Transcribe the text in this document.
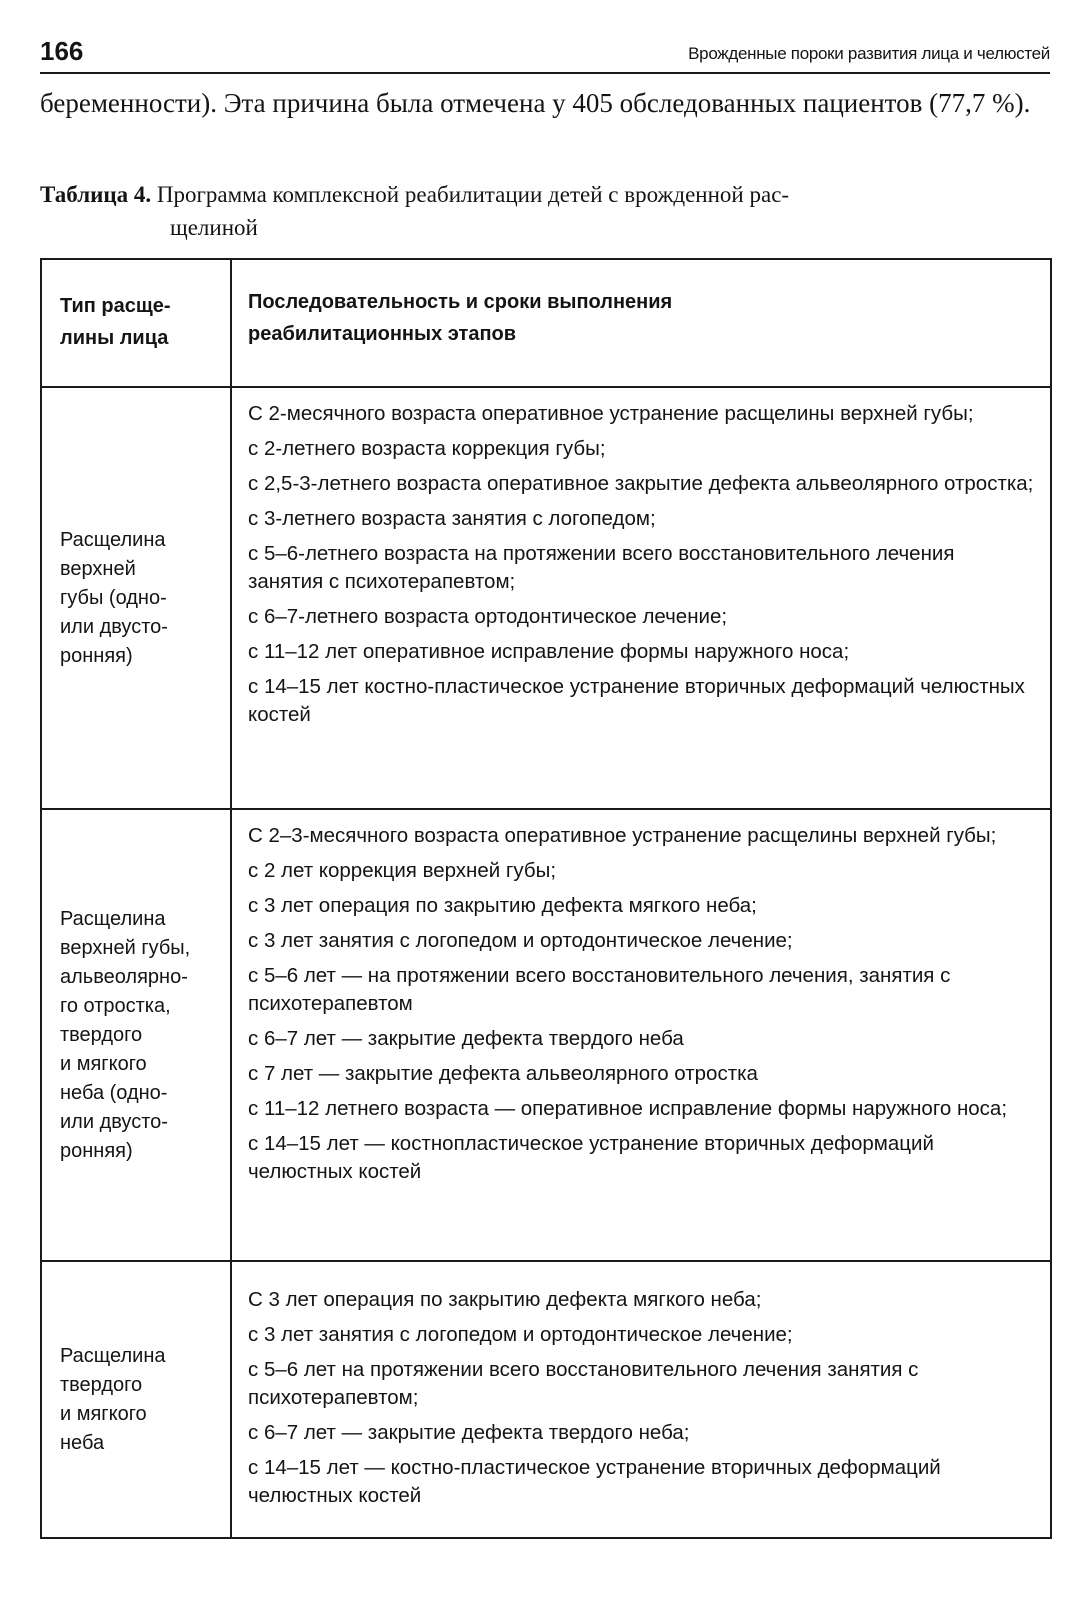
166	Врожденные пороки развития лица и челюстей

беременности). Эта причина была отмечена у 405 обследованных пациентов (77,7 %).

Таблица 4. Программа комплексной реабилитации детей с врожденной рас-
щелиной
Тип расще-
лины лица
Последовательность и сроки выполнения
реабилитационных этапов
Расщелина
верхней
губы (одно-
или двусто-
ронняя)

С 2-месячного возраста оперативное устранение расщелины верхней губы;

с 2-летнего возраста коррекция губы;

с 2,5-3-летнего возраста оперативное закрытие дефекта альвеолярного отростка;

с 3-летнего возраста занятия с логопедом;

с 5–6-летнего возраста на протяжении всего восстановительного лечения занятия с психотерапевтом;

с 6–7-летнего возраста ортодонтическое лечение;

с 11–12 лет оперативное исправление формы наружного носа;

с 14–15 лет костно-пластическое устранение вторичных деформаций челюстных костей

Расщелина
верхней губы,
альвеолярно-
го отростка,
твердого
и мягкого
неба (одно-
или двусто-
ронняя)

С 2–3-месячного возраста оперативное устранение расщелины верхней губы;

с 2 лет коррекция верхней губы;

с 3 лет операция по закрытию дефекта мягкого неба;

с 3 лет занятия с логопедом и ортодонтическое лечение;

с 5–6 лет — на протяжении всего восстановительного лечения, занятия с психотерапевтом

с 6–7 лет — закрытие дефекта твердого неба

с 7 лет — закрытие дефекта альвеолярного отростка

с 11–12 летнего возраста — оперативное исправление формы наружного носа;

с 14–15 лет — костнопластическое устранение вторичных деформаций челюстных костей

Расщелина
твердого
и мягкого
неба

С 3 лет операция по закрытию дефекта мягкого неба;

с 3 лет занятия с логопедом и ортодонтическое лечение;

с 5–6 лет на протяжении всего восстановительного лечения занятия с психотерапевтом;

с 6–7 лет — закрытие дефекта твердого неба;

с 14–15 лет — костно-пластическое устранение вторичных деформаций челюстных костей
